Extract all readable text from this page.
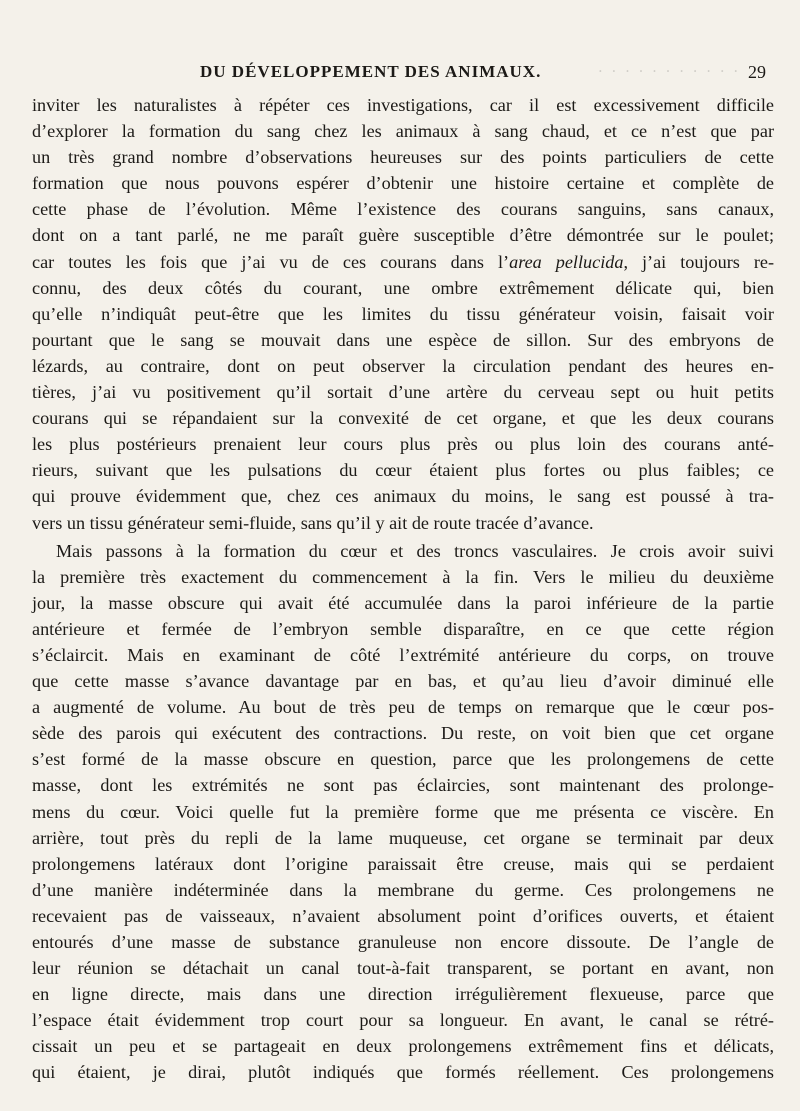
· · · · · · · · · · ·
DU DÉVELOPPEMENT DES ANIMAUX.	29
inviter les naturalistes à répéter ces investigations, car il est excessivement difficile
d’explorer la formation du sang chez les animaux à sang chaud, et ce n’est que par
un très grand nombre d’observations heureuses sur des points particuliers de cette
formation que nous pouvons espérer d’obtenir une histoire certaine et complète de
cette phase de l’évolution. Même l’existence des courans sanguins, sans canaux,
dont on a tant parlé, ne me paraît guère susceptible d’être démontrée sur le poulet;
car toutes les fois que j’ai vu de ces courans dans l’area pellucida, j’ai toujours re-
connu, des deux côtés du courant, une ombre extrêmement délicate qui, bien
qu’elle n’indiquât peut-être que les limites du tissu générateur voisin, faisait voir
pourtant que le sang se mouvait dans une espèce de sillon. Sur des embryons de
lézards, au contraire, dont on peut observer la circulation pendant des heures en-
tières, j’ai vu positivement qu’il sortait d’une artère du cerveau sept ou huit petits
courans qui se répandaient sur la convexité de cet organe, et que les deux courans
les plus postérieurs prenaient leur cours plus près ou plus loin des courans anté-
rieurs, suivant que les pulsations du cœur étaient plus fortes ou plus faibles; ce
qui prouve évidemment que, chez ces animaux du moins, le sang est poussé à tra-
vers un tissu générateur semi-fluide, sans qu’il y ait de route tracée d’avance.
Mais passons à la formation du cœur et des troncs vasculaires. Je crois avoir suivi
la première très exactement du commencement à la fin. Vers le milieu du deuxième
jour, la masse obscure qui avait été accumulée dans la paroi inférieure de la partie
antérieure et fermée de l’embryon semble disparaître, en ce que cette région
s’éclaircit. Mais en examinant de côté l’extrémité antérieure du corps, on trouve
que cette masse s’avance davantage par en bas, et qu’au lieu d’avoir diminué elle
a augmenté de volume. Au bout de très peu de temps on remarque que le cœur pos-
sède des parois qui exécutent des contractions. Du reste, on voit bien que cet organe
s’est formé de la masse obscure en question, parce que les prolongemens de cette
masse, dont les extrémités ne sont pas éclaircies, sont maintenant des prolonge-
mens du cœur. Voici quelle fut la première forme que me présenta ce viscère. En
arrière, tout près du repli de la lame muqueuse, cet organe se terminait par deux
prolongemens latéraux dont l’origine paraissait être creuse, mais qui se perdaient
d’une manière indéterminée dans la membrane du germe. Ces prolongemens ne
recevaient pas de vaisseaux, n’avaient absolument point d’orifices ouverts, et étaient
entourés d’une masse de substance granuleuse non encore dissoute. De l’angle de
leur réunion se détachait un canal tout-à-fait transparent, se portant en avant, non
en ligne directe, mais dans une direction irrégulièrement flexueuse, parce que
l’espace était évidemment trop court pour sa longueur. En avant, le canal se rétré-
cissait un peu et se partageait en deux prolongemens extrêmement fins et délicats,
qui étaient, je dirai, plutôt indiqués que formés réellement. Ces prolongemens
